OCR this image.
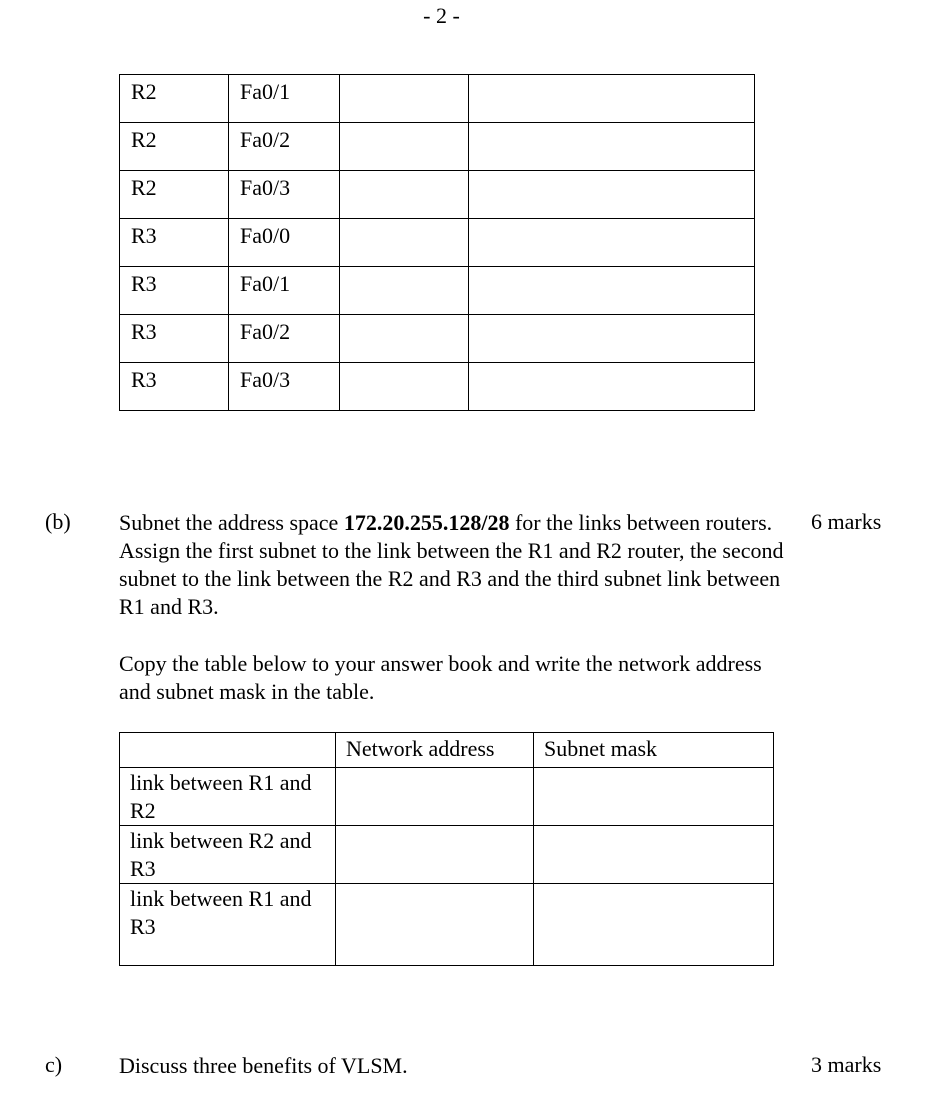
- 2 -
R2	Fa0/1		
R2	Fa0/2		
R2	Fa0/3		
R3	Fa0/0		
R3	Fa0/1		
R3	Fa0/2		
R3	Fa0/3		
(b)	6 marks
Subnet the address space 172.20.255.128/28 for the links between routers. Assign the first subnet to the link between the R1 and R2 router, the second subnet to the link between the R2 and R3 and the third subnet link between R1 and R3.
Copy the table below to your answer book and write the network address and subnet mask in the table.
	Network address	Subnet mask
link between R1 and R2		
link between R2 and R3		
link between R1 and R3		
c)	Discuss three benefits of VLSM.	3 marks
